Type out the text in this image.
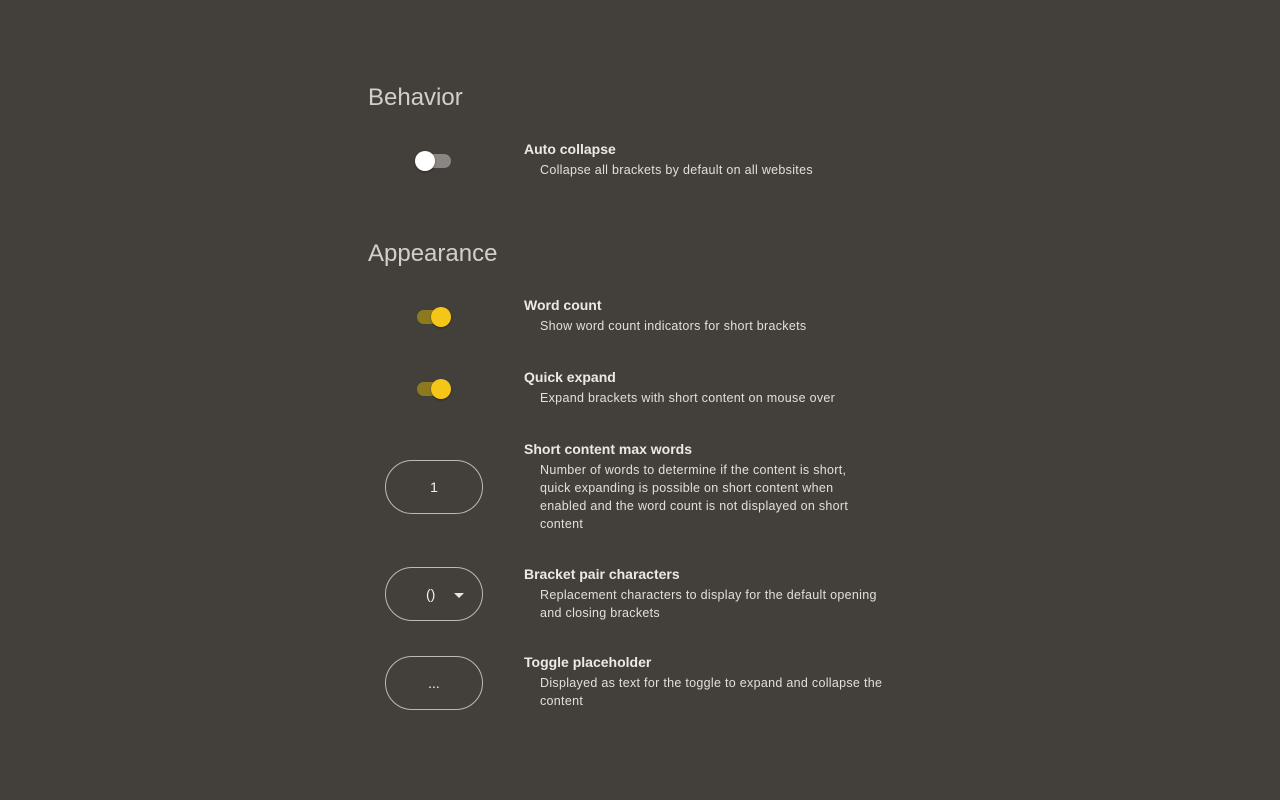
Behavior

Auto collapse

Collapse all brackets by default on all websites

Appearance

Word count

Show word count indicators for short brackets

Quick expand

Expand brackets with short content on mouse over

1

Short content max words

Number of words to determine if the content is short, quick expanding is possible on short content when enabled and the word count is not displayed on short content

()

Bracket pair characters

Replacement characters to display for the default opening and closing brackets

...

Toggle placeholder

Displayed as text for the toggle to expand and collapse the content
